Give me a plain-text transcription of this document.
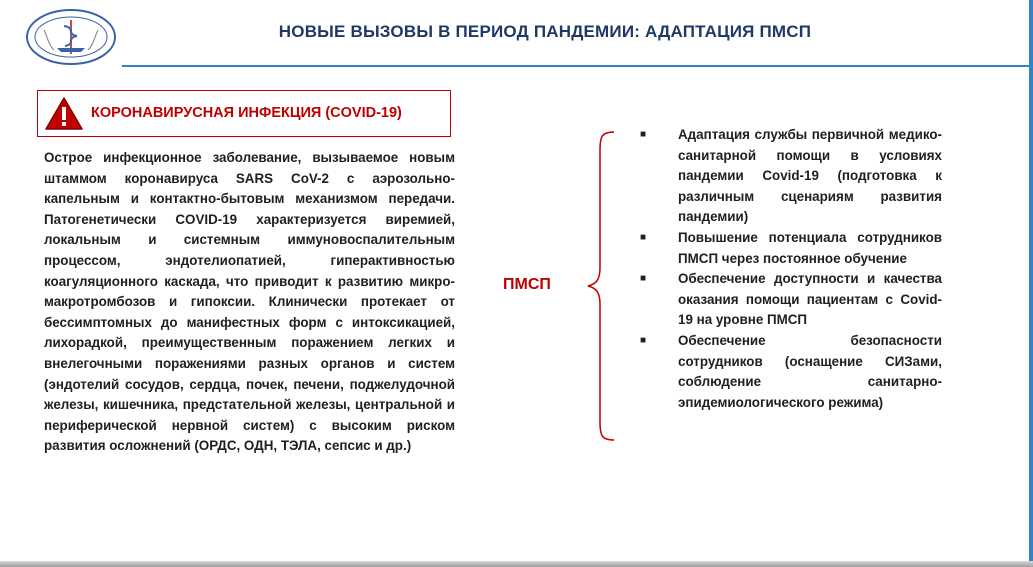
НОВЫЕ ВЫЗОВЫ В ПЕРИОД ПАНДЕМИИ: АДАПТАЦИЯ ПМСП
КОРОНАВИРУСНАЯ ИНФЕКЦИЯ (COVID-19)

Острое инфекционное заболевание, вызываемое новым штаммом коронавируса SARS CoV-2 с аэрозольно-капельным и контактно-бытовым механизмом передачи. Патогенетически COVID-19 характеризуется виремией, локальным и системным иммуновоспалительным процессом, эндотелиопатией, гиперактивностью коагуляционного каскада, что приводит к развитию микро-макротромбозов и гипоксии. Клинически протекает от бессимптомных до манифестных форм с интоксикацией, лихорадкой, преимущественным поражением легких и внелегочными поражениями разных органов и систем (эндотелий сосудов, сердца, почек, печени, поджелудочной железы, кишечника, предстательной железы, центральной и периферической нервной систем) с высоким риском развития осложнений (ОРДС, ОДН, ТЭЛА, сепсис и др.)

ПМСП
■ Адаптация службы первичной медико-санитарной помощи в условиях пандемии Covid-19 (подготовка к различным сценариям развития пандемии)
■ Повышение потенциала сотрудников ПМСП через постоянное обучение
■ Обеспечение доступности и качества оказания помощи пациентам с Covid-19 на уровне ПМСП
■ Обеспечение безопасности сотрудников (оснащение СИЗами, соблюдение санитарно-эпидемиологического режима)
